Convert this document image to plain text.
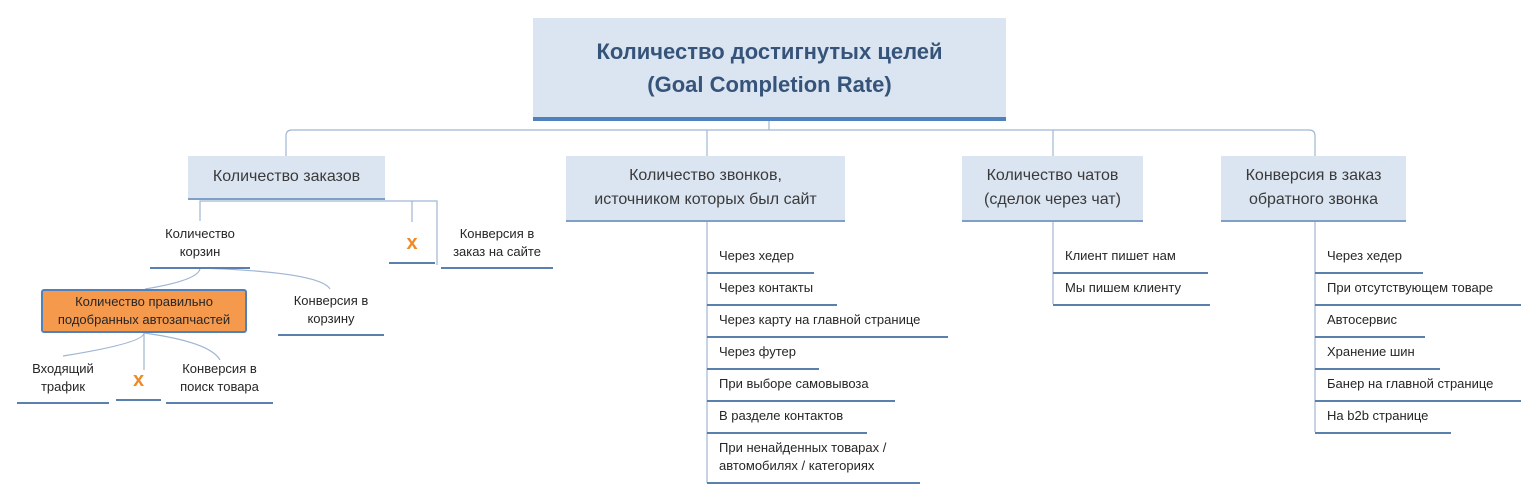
Количество достигнутых целей
(Goal Completion Rate)
Количество заказов	Количество звонков,
источником которых был сайт
Количество чатов
(сделок через чат)
Конверсия в заказ
обратного звонка
Количество
корзин	x	Конверсия в
заказ на сайте
Количество правильно
подобранных автозапчастей
Конверсия в
корзину
Входящий
трафик	x
Конверсия в
поиск товара
Через хедер
Через контакты
Через карту на главной странице
Через футер
При выборе самовывоза
В разделе контактов
При ненайденных товарах /
автомобилях / категориях
Клиент пишет нам
Мы пишем клиенту
Через хедер
При отсутствующем товаре
Автосервис
Хранение шин
Банер на главной странице
На b2b странице
